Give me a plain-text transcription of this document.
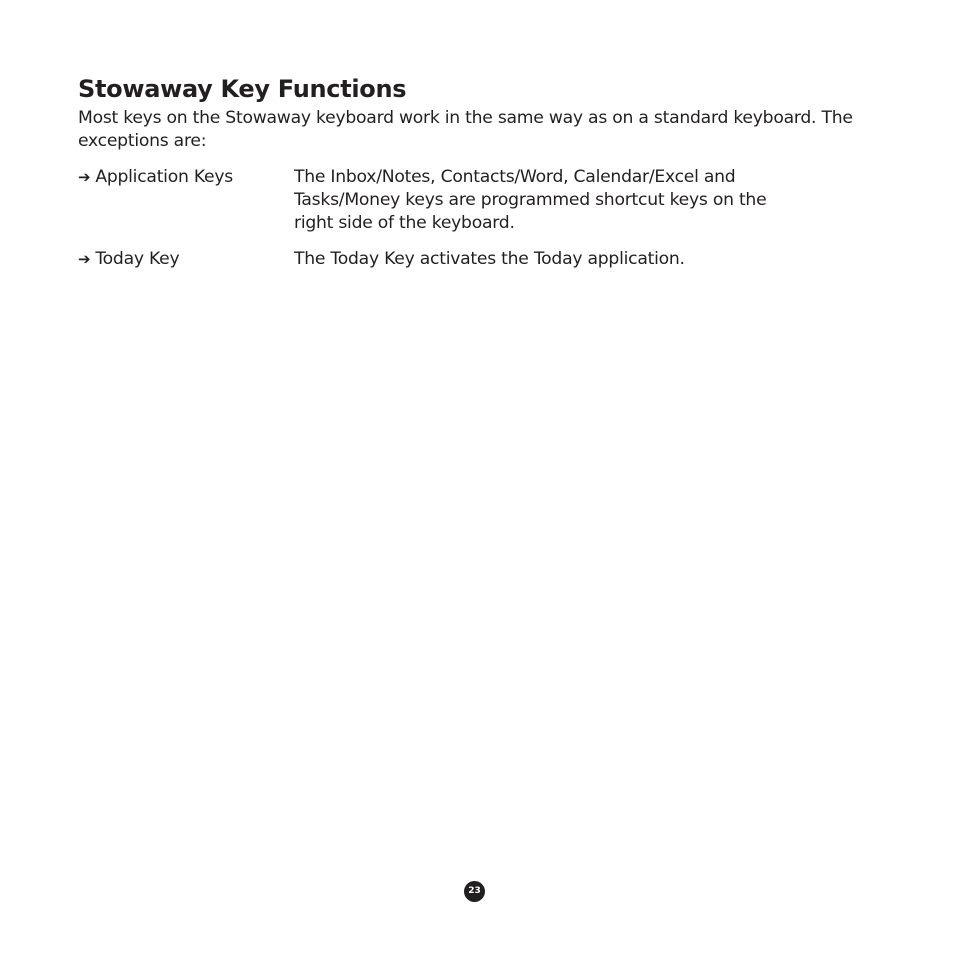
Stowaway Key Functions

Most keys on the Stowaway keyboard work in the same way as on a standard keyboard. The exceptions are:

➔ Application Keys	The Inbox/Notes, Contacts/Word, Calendar/Excel and Tasks/Money keys are programmed shortcut keys on the right side of the keyboard.
➔ Today Key	The Today Key activates the Today application.
23
